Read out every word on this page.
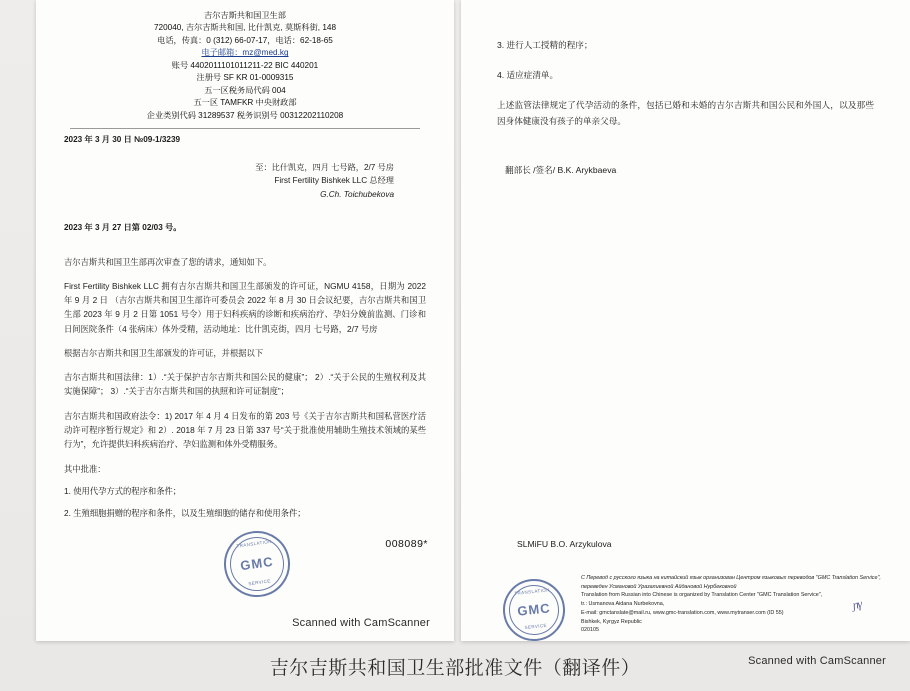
吉尔吉斯共和国卫生部
720040, 吉尔吉斯共和国, 比什凯克, 莫斯科街, 148
电话，传真：0 (312) 66-07-17，电话：62-18-65
电子邮箱：mz@med.kg
账号 4402011101011211-22 BIC 440201
注册号 SF KR 01-0009315
五一区税务局代码 004
五一区 TAMFKR 中央财政部
企业类别代码 31289537 税务识别号 00312202110208
2023 年 3 月 30 日 №09-1/3239
至：比什凯克，四月 七号路，2/7 号房
First Fertility Bishkek LLC 总经理
G.Ch. Toichubekova
2023 年 3 月 27 日第 02/03 号。

吉尔吉斯共和国卫生部再次审查了您的请求，通知如下。

First Fertility Bishkek LLC 拥有吉尔吉斯共和国卫生部颁发的许可证，NGMU 4158，日期为 2022 年 9 月 2 日 （吉尔吉斯共和国卫生部许可委员会 2022 年 8 月 30 日会议纪要，吉尔吉斯共和国卫生部 2023 年 9 月 2 日第 1051 号令）用于妇科疾病的诊断和疾病治疗、孕妇分娩前监测、门诊和日间医院条件（4 张病床）体外受精，活动地址：比什凯克街，四月 七号路，2/7 号房

根据吉尔吉斯共和国卫生部颁发的许可证，并根据以下

吉尔吉斯共和国法律：1）.“关于保护吉尔吉斯共和国公民的健康”； 2）.“关于公民的生殖权利及其实施保障”； 3）.“关于吉尔吉斯共和国的执照和许可证制度”；

吉尔吉斯共和国政府法令：1) 2017 年 4 月 4 日发布的第 203 号《关于吉尔吉斯共和国私营医疗活动许可程序暂行规定》和 2）. 2018 年 7 月 23 日第 337 号“关于批准使用辅助生殖技术领域的某些行为”，允许提供妇科疾病治疗、孕妇监测和体外受精服务。

其中批准：

1. 使用代孕方式的程序和条件；

2. 生殖细胞捐赠的程序和条件，以及生殖细胞的储存和使用条件；

008089*
TRANSLATION
GMC
SERVICE
Scanned with CamScanner

3. 进行人工授精的程序；

4. 适应症清单。

上述监管法律规定了代孕活动的条件，包括已婚和未婚的吉尔吉斯共和国公民和外国人，以及那些因身体健康没有孩子的单亲父母。

翻部长 /签名/ B.K. Arykbaeva
SLMiFU B.O. Arzykulova
TRANSLATION
GMC
SERVICE
ᶮᵞ
С Перевод с русского языка на китайский язык организован Центром языковых переводов "GMC Translation Service",
переведен Усмановой Уразалиевной Айдановой Нурбековной
Translation from Russian into Chinese is organized by Translation Center "GMC Translation Service",
tr.: Usmanova Aidana Nurbekovna,
E-mail: gmctanslate@mail.ru, www.gmc-translation.com, www.mytranser.com (ID 55)
Bishkek, Kyrgyz Republic
020105
Scanned with CamScanner
吉尔吉斯共和国卫生部批准文件（翻译件）
